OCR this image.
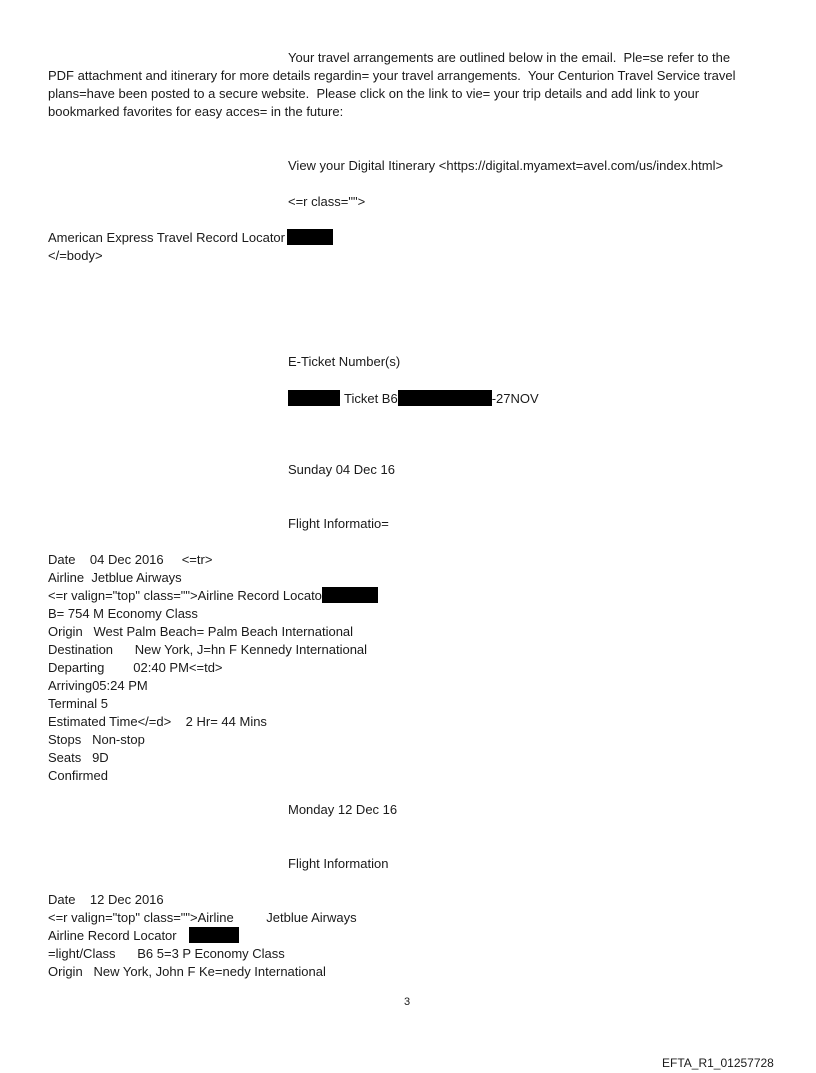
Your travel arrangements are outlined below in the email.  Ple=se refer to the
PDF attachment and itinerary for more details regardin= your travel arrangements.  Your Centurion Travel Service travel
plans=have been posted to a secure website.  Please click on the link to vie= your trip details and add link to your
bookmarked favorites for easy acces= in the future:
View your Digital Itinerary <https://digital.myamext=avel.com/us/index.html>
<=r class="">
American Express Travel Record Locator
</=body>
E-Ticket Number(s)
Ticket B6	-27NOV
Sunday 04 Dec 16
Flight Informatio=
Date    04 Dec 2016     <=tr>
Airline  Jetblue Airways
<=r valign="top" class="">Airline Record Locato
B= 754 M Economy Class
Origin   West Palm Beach= Palm Beach International
Destination      New York, J=hn F Kennedy International
Departing        02:40 PM<=td>
Arriving05:24 PM
Terminal 5
Estimated Time</=d>    2 Hr= 44 Mins
Stops   Non-stop
Seats   9D
Confirmed
Monday 12 Dec 16
Flight Information
Date    12 Dec 2016
<=r valign="top" class="">Airline         Jetblue Airways
Airline Record Locator
=light/Class      B6 5=3 P Economy Class
Origin   New York, John F Ke=nedy International
3
EFTA_R1_01257728
